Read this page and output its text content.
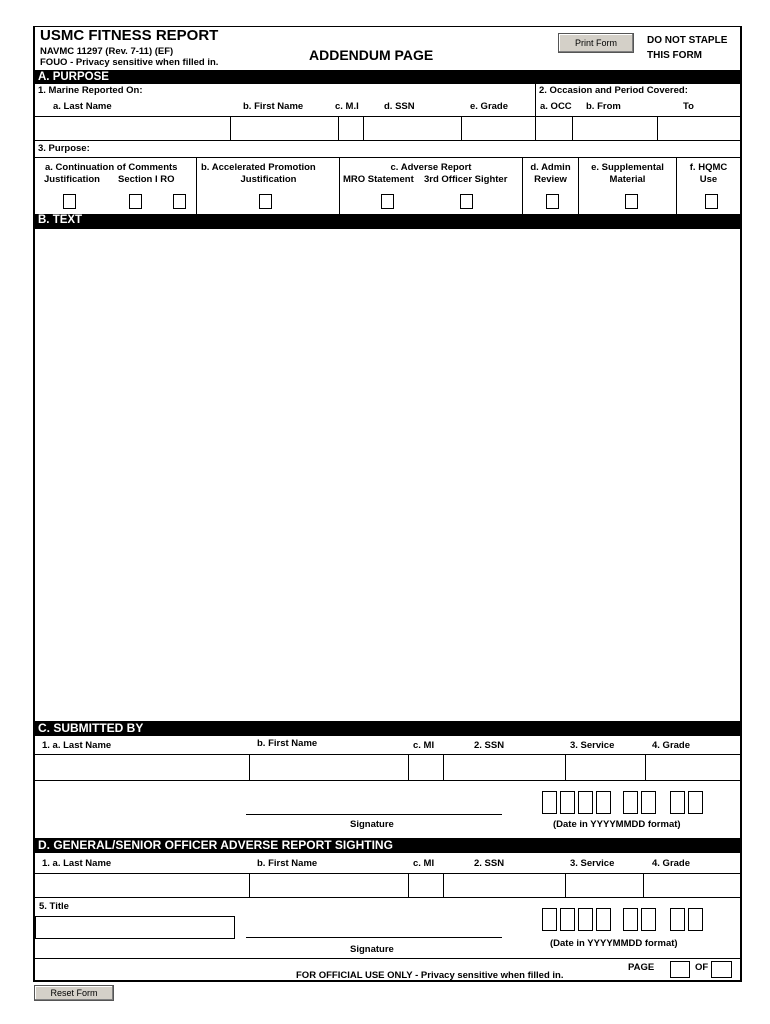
USMC FITNESS REPORT
NAVMC 11297 (Rev. 7-11) (EF)
FOUO - Privacy sensitive when filled in.	ADDENDUM PAGE
Print Form	DO NOT STAPLE
THIS FORM
A. PURPOSE
1. Marine Reported On:	2. Occasion and Period Covered:
a. Last Name	b. First Name	c. M.I	d. SSN	e. Grade	a. OCC b. From	To
3. Purpose:
a. Continuation of Comments
Justification Section I RO
b. Accelerated Promotion
Justification
c. Adverse Report
MRO Statement 3rd Officer Sighter
d. Admin
Review
e. Supplemental
Material
f. HQMC
Use
B. TEXT
C. SUBMITTED BY
1. a. Last Name	b. First Name	c. MI	2. SSN	3. Service	4. Grade
Signature	(Date in YYYYMMDD format)
D. GENERAL/SENIOR OFFICER ADVERSE REPORT SIGHTING
1. a. Last Name	b. First Name	c. MI	2. SSN	3. Service	4. Grade
5. Title
Signature
(Date in YYYYMMDD format)
PAGE	OF
FOR OFFICIAL USE ONLY - Privacy sensitive when filled in.
Reset Form
